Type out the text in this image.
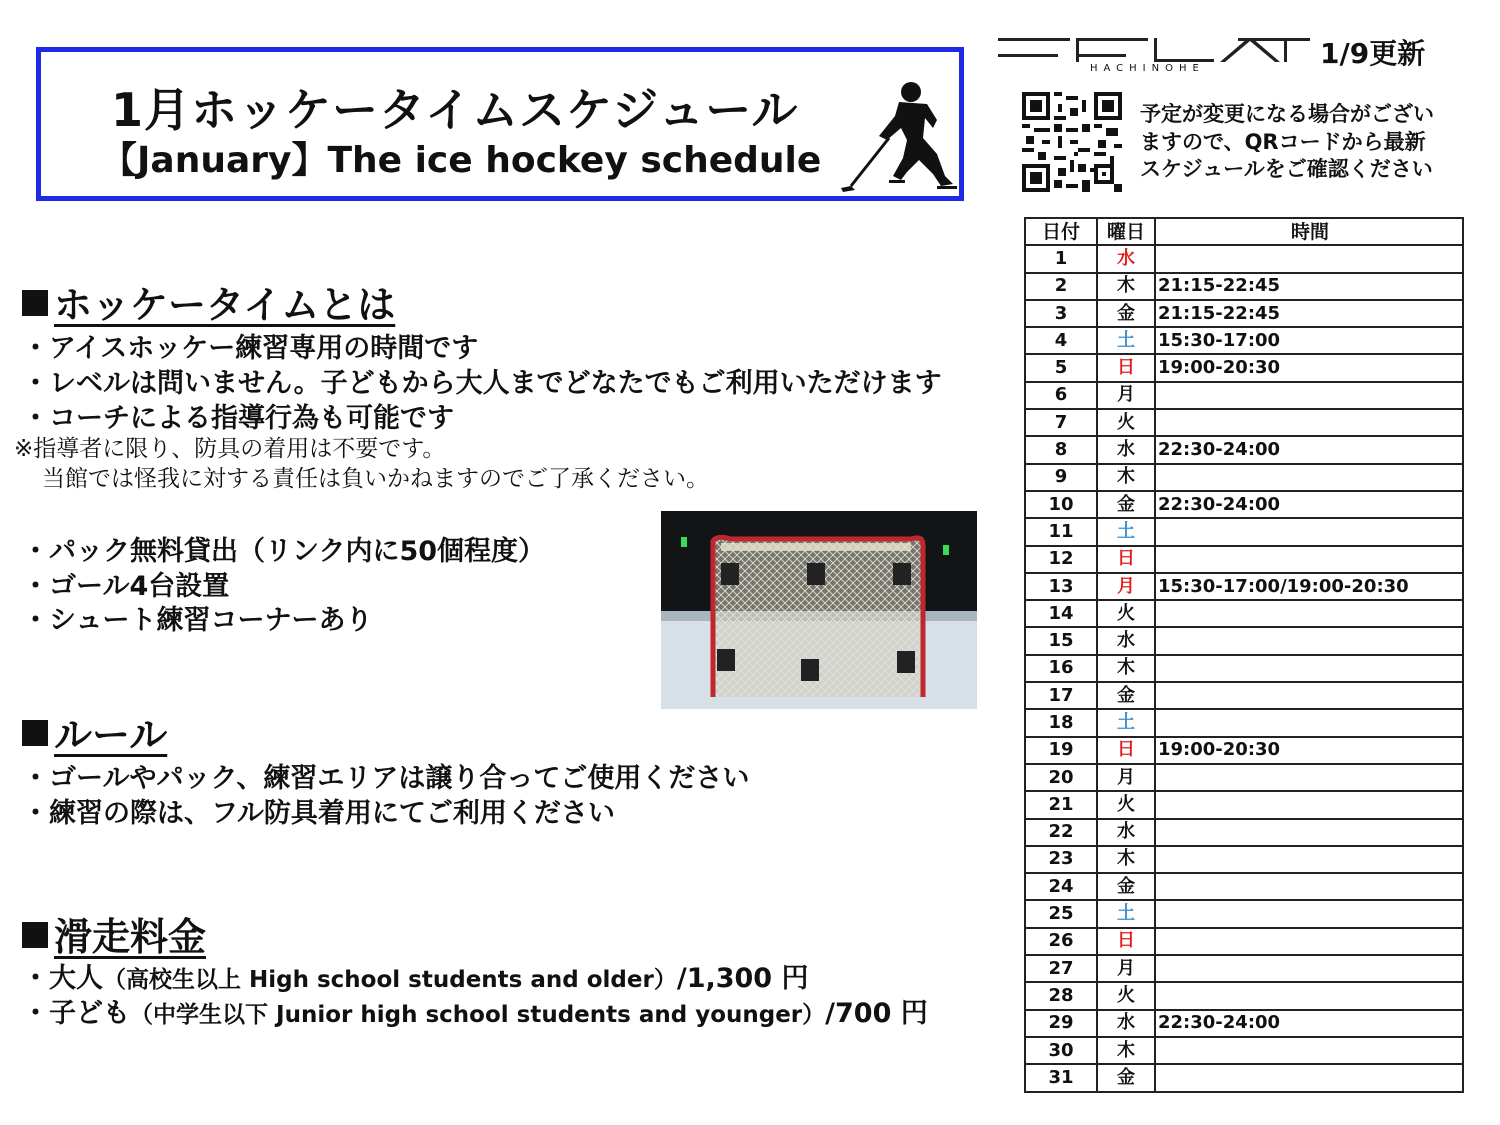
1月ホッケータイムスケジュール
【January】The ice hockey schedule
HACHINOHE	1/9更新
予定が変更になる場合がござい
ますので、QRコードから最新
スケジュールをご確認ください
ホッケータイムとは
・アイスホッケー練習専用の時間です
・レベルは問いません。子どもから大人までどなたでもご利用いただけます
・コーチによる指導行為も可能です
※指導者に限り、防具の着用は不要です。
当館では怪我に対する責任は負いかねますのでご了承ください。
・パック無料貸出（リンク内に50個程度）
・ゴール4台設置
・シュート練習コーナーあり
ルール
・ゴールやパック、練習エリアは譲り合ってご使用ください
・練習の際は、フル防具着用にてご利用ください
滑走料金
・大人（高校生以上 High school students and older）/1,300 円
・子ども（中学生以下 Junior high school students and younger）/700 円
日付	曜日	時間
1	水	
2	木	21:15-22:45
3	金	21:15-22:45
4	土	15:30-17:00
5	日	19:00-20:30
6	月	
7	火	
8	水	22:30-24:00
9	木	
10	金	22:30-24:00
11	土	
12	日	
13	月	15:30-17:00/19:00-20:30
14	火	
15	水	
16	木	
17	金	
18	土	
19	日	19:00-20:30
20	月	
21	火	
22	水	
23	木	
24	金	
25	土	
26	日	
27	月	
28	火	
29	水	22:30-24:00
30	木	
31	金	
